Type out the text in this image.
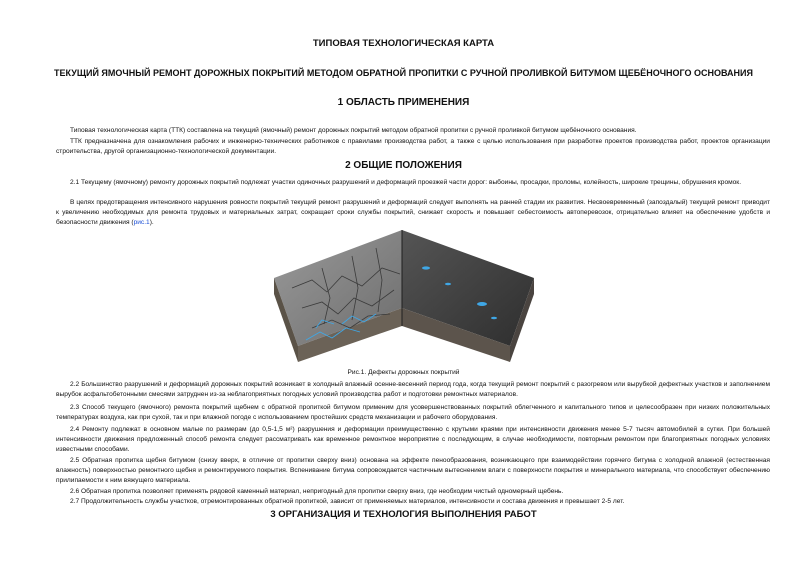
ТИПОВАЯ ТЕХНОЛОГИЧЕСКАЯ КАРТА
ТЕКУЩИЙ ЯМОЧНЫЙ РЕМОНТ ДОРОЖНЫХ ПОКРЫТИЙ МЕТОДОМ ОБРАТНОЙ ПРОПИТКИ С РУЧНОЙ ПРОЛИВКОЙ БИТУМОМ ЩЕБЁНОЧНОГО ОСНОВАНИЯ
1 ОБЛАСТЬ ПРИМЕНЕНИЯ

Типовая технологическая карта (ТТК) составлена на текущий (ямочный) ремонт дорожных покрытий методом обратной пропитки с ручной проливкой битумом щебёночного основания.

ТТК предназначена для ознакомления рабочих и инженерно-технических работников с правилами производства работ, а также с целью использования при разработке проектов производства работ, проектов организации строительства, другой организационно-технологической документации.

2 ОБЩИЕ ПОЛОЖЕНИЯ

2.1 Текущему (ямочному) ремонту дорожных покрытий подлежат участки одиночных разрушений и деформаций проезжей части дорог: выбоины, просадки, проломы, колейность, широкие трещины, обрушения кромок.

В целях предотвращения интенсивного нарушения ровности покрытий текущий ремонт разрушений и деформаций следует выполнять на ранней стадии их развития. Несвоевременный (запоздалый) текущий ремонт приводит к увеличению необходимых для ремонта трудовых и материальных затрат, сокращает сроки службы покрытий, снижает скорость и повышает себестоимость автоперевозок, отрицательно влияет на обеспечение удобств и безопасности движения (рис.1).

Рис.1. Дефекты дорожных покрытий

2.2 Большинство разрушений и деформаций дорожных покрытий возникает в холодный влажный осенне-весенний период года, когда текущий ремонт покрытий с разогревом или вырубкой дефектных участков и заполнением вырубок асфальтобетонными смесями затруднен из-за неблагоприятных погодных условий производства работ и подготовки ремонтных материалов.

2.3 Способ текущего (ямочного) ремонта покрытий щебнем с обратной пропиткой битумом применим для усовершенствованных покрытий облегченного и капитального типов и целесообразен при низких положительных температурах воздуха, как при сухой, так и при влажной погоде с использованием простейших средств механизации и рабочего оборудования.

2.4 Ремонту подлежат в основном малые по размерам (до 0,5-1,5 м²) разрушения и деформации преимущественно с крутыми краями при интенсивности движения менее 5-7 тысяч автомобилей в сутки. При большей интенсивности движения предложенный способ ремонта следует рассматривать как временное ремонтное мероприятие с последующим, в случае необходимости, повторным ремонтом при благоприятных погодных условиях известными способами.

2.5 Обратная пропитка щебня битумом (снизу вверх, в отличие от пропитки сверху вниз) основана на эффекте пенообразования, возникающего при взаимодействии горячего битума с холодной влажной (естественная влажность) поверхностью ремонтного щебня и ремонтируемого покрытия. Вспенивание битума сопровождается частичным вытеснением влаги с поверхности покрытия и минерального материала, что способствует обеспечению прилипаемости к ним вяжущего материала.

2.6 Обратная пропитка позволяет применять рядовой каменный материал, непригодный для пропитки сверху вниз, где необходим чистый одномерный щебень.

2.7 Продолжительность службы участков, отремонтированных обратной пропиткой, зависит от применяемых материалов, интенсивности и состава движения и превышает 2-5 лет.

3 ОРГАНИЗАЦИЯ И ТЕХНОЛОГИЯ ВЫПОЛНЕНИЯ РАБОТ
